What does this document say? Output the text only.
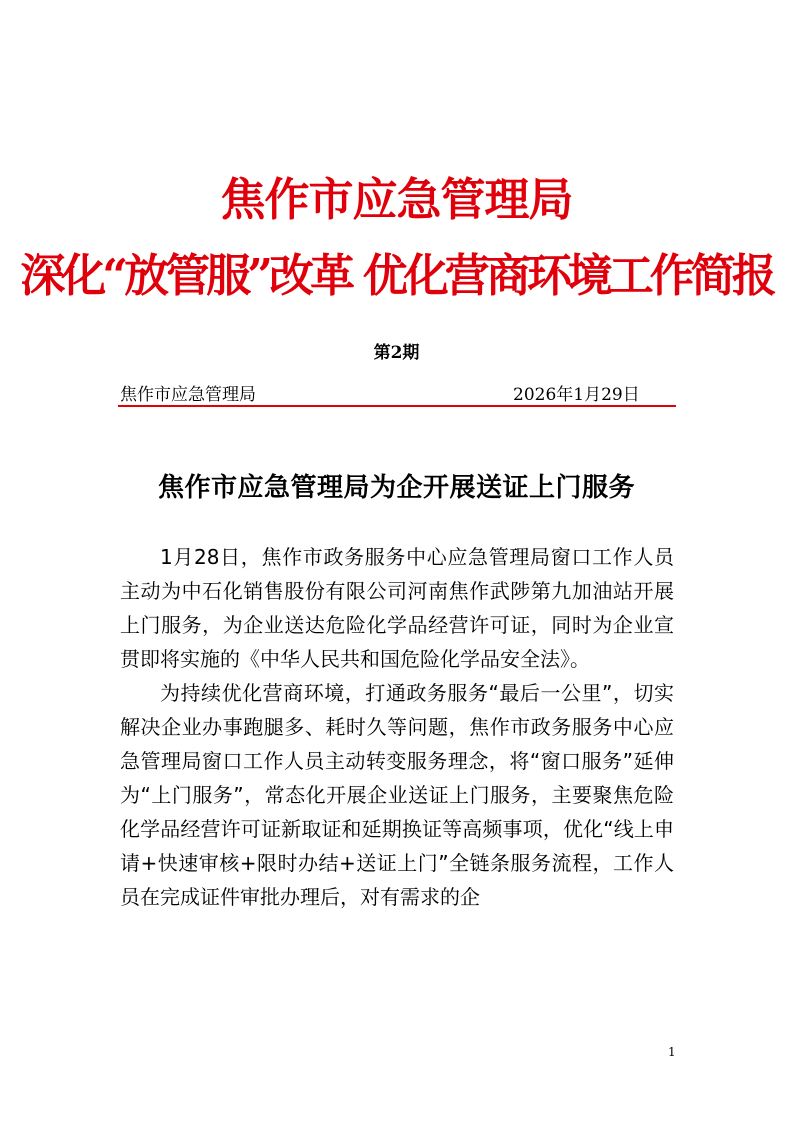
焦作市应急管理局
深化“放管服”改革 优化营商环境工作简报
第2期
焦作市应急管理局	2026年1月29日
焦作市应急管理局为企开展送证上门服务

1月28日，焦作市政务服务中心应急管理局窗口工作人员主动为中石化销售股份有限公司河南焦作武陟第九加油站开展上门服务，为企业送达危险化学品经营许可证，同时为企业宣贯即将实施的《中华人民共和国危险化学品安全法》。

为持续优化营商环境，打通政务服务“最后一公里”，切实解决企业办事跑腿多、耗时久等问题，焦作市政务服务中心应急管理局窗口工作人员主动转变服务理念，将“窗口服务”延伸为“上门服务”，常态化开展企业送证上门服务，主要聚焦危险化学品经营许可证新取证和延期换证等高频事项，优化“线上申请+快速审核+限时办结+送证上门”全链条服务流程，工作人员在完成证件审批办理后，对有需求的企

1
